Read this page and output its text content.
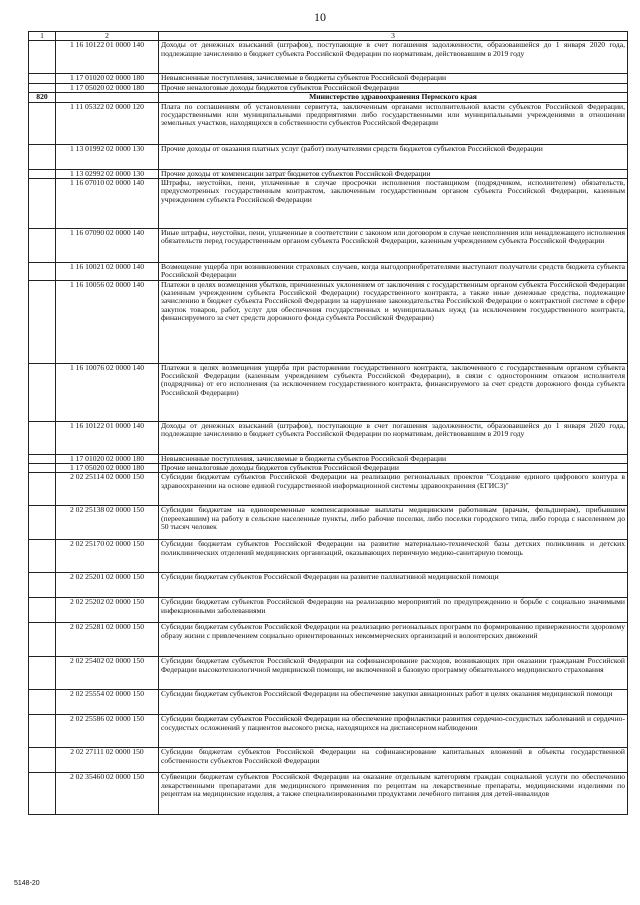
10
1	2	3
	1 16 10122 01 0000 140	Доходы от денежных взысканий (штрафов), поступающие в счет погашения задолженности, образовавшейся до 1 января 2020 года, подлежащие зачислению в бюджет субъекта Российской Федерации по нормативам, действовавшим в 2019 году
	1 17 01020 02 0000 180	Невыясненные поступления, зачисляемые в бюджеты субъектов Российской Федерации
	1 17 05020 02 0000 180	Прочие неналоговые доходы бюджетов субъектов Российской Федерации
820		Министерство здравоохранения Пермского края
	1 11 05322 02 0000 120	Плата по соглашениям об установлении сервитута, заключенным органами исполнительной власти субъектов Российской Федерации, государственными или муниципальными предприятиями либо государственными или муниципальными учреждениями в отношении земельных участков, находящихся в собственности субъектов Российской Федерации
	1 13 01992 02 0000 130	Прочие доходы от оказания платных услуг (работ) получателями средств бюджетов субъектов Российской Федерации
	1 13 02992 02 0000 130	Прочие доходы от компенсации затрат бюджетов субъектов Российской Федерации
	1 16 07010 02 0000 140	Штрафы, неустойки, пени, уплаченные в случае просрочки исполнения поставщиком (подрядчиком, исполнителем) обязательств, предусмотренных государственным контрактом, заключенным государственным органом субъекта Российской Федерации, казенным учреждением субъекта Российской Федерации
	1 16 07090 02 0000 140	Иные штрафы, неустойки, пени, уплаченные в соответствии с законом или договором в случае неисполнения или ненадлежащего исполнения обязательств перед государственным органом субъекта Российской Федерации, казенным учреждением субъекта Российской Федерации
	1 16 10021 02 0000 140	Возмещение ущерба при возникновении страховых случаев, когда выгодоприобретателями выступают получатели средств бюджета субъекта Российской Федерации
	1 16 10056 02 0000 140	Платежи в целях возмещения убытков, причиненных уклонением от заключения с государственным органом субъекта Российской Федерации (казенным учреждением субъекта Российской Федерации) государственного контракта, а также иные денежные средства, подлежащие зачислению в бюджет субъекта Российской Федерации за нарушение законодательства Российской Федерации о контрактной системе в сфере закупок товаров, работ, услуг для обеспечения государственных и муниципальных нужд (за исключением государственного контракта, финансируемого за счет средств дорожного фонда субъекта Российской Федерации)
	1 16 10076 02 0000 140	Платежи в целях возмещения ущерба при расторжении государственного контракта, заключенного с государственным органом субъекта Российской Федерации (казенным учреждением субъекта Российской Федерации), в связи с односторонним отказом исполнителя (подрядчика) от его исполнения (за исключением государственного контракта, финансируемого за счет средств дорожного фонда субъекта Российской Федерации)
	1 16 10122 01 0000 140	Доходы от денежных взысканий (штрафов), поступающие в счет погашения задолженности, образовавшейся до 1 января 2020 года, подлежащие зачислению в бюджет субъекта Российской Федерации по нормативам, действовавшим в 2019 году
	1 17 01020 02 0000 180	Невыясненные поступления, зачисляемые в бюджеты субъектов Российской Федерации
	1 17 05020 02 0000 180	Прочие неналоговые доходы бюджетов субъектов Российской Федерации
	2 02 25114 02 0000 150	Субсидии бюджетам субъектов Российской Федерации на реализацию региональных проектов "Создание единого цифрового контура в здравоохранении на основе единой государственной информационной системы здравоохранения (ЕГИСЗ)"
	2 02 25138 02 0000 150	Субсидии бюджетам на единовременные компенсационные выплаты медицинским работникам (врачам, фельдшерам), прибывшим (переехавшим) на работу в сельские населенные пункты, либо рабочие поселки, либо поселки городского типа, либо города с населением до 50 тысяч человек
	2 02 25170 02 0000 150	Субсидии бюджетам субъектов Российской Федерации на развитие материально-технической базы детских поликлиник и детских поликлинических отделений медицинских организаций, оказывающих первичную медико-санитарную помощь
	2 02 25201 02 0000 150	Субсидии бюджетам субъектов Российской Федерации на развитие паллиативной медицинской помощи
	2 02 25202 02 0000 150	Субсидии бюджетам субъектов Российской Федерации на реализацию мероприятий по предупреждению и борьбе с социально значимыми инфекционными заболеваниями
	2 02 25281 02 0000 150	Субсидии бюджетам субъектов Российской Федерации на реализацию региональных программ по формированию приверженности здоровому образу жизни с привлечением социально ориентированных некоммерческих организаций и волонтерских движений
	2 02 25402 02 0000 150	Субсидии бюджетам субъектов Российской Федерации на софинансирование расходов, возникающих при оказании гражданам Российской Федерации высокотехнологичной медицинской помощи, не включенной в базовую программу обязательного медицинского страхования
	2 02 25554 02 0000 150	Субсидии бюджетам субъектов Российской Федерации на обеспечение закупки авиационных работ в целях оказания медицинской помощи
	2 02 25586 02 0000 150	Субсидии бюджетам субъектов Российской Федерации на обеспечение профилактики развития сердечно-сосудистых заболеваний и сердечно-сосудистых осложнений у пациентов высокого риска, находящихся на диспансерном наблюдении
	2 02 27111 02 0000 150	Субсидии бюджетам субъектов Российской Федерации на софинансирование капитальных вложений в объекты государственной собственности субъектов Российской Федерации
	2 02 35460 02 0000 150	Субвенции бюджетам субъектов Российской Федерации на оказание отдельным категориям граждан социальной услуги по обеспечению лекарственными препаратами для медицинского применения по рецептам на лекарственные препараты, медицинскими изделиями по рецептам на медицинские изделия, а также специализированными продуктами лечебного питания для детей-инвалидов
5148-20
